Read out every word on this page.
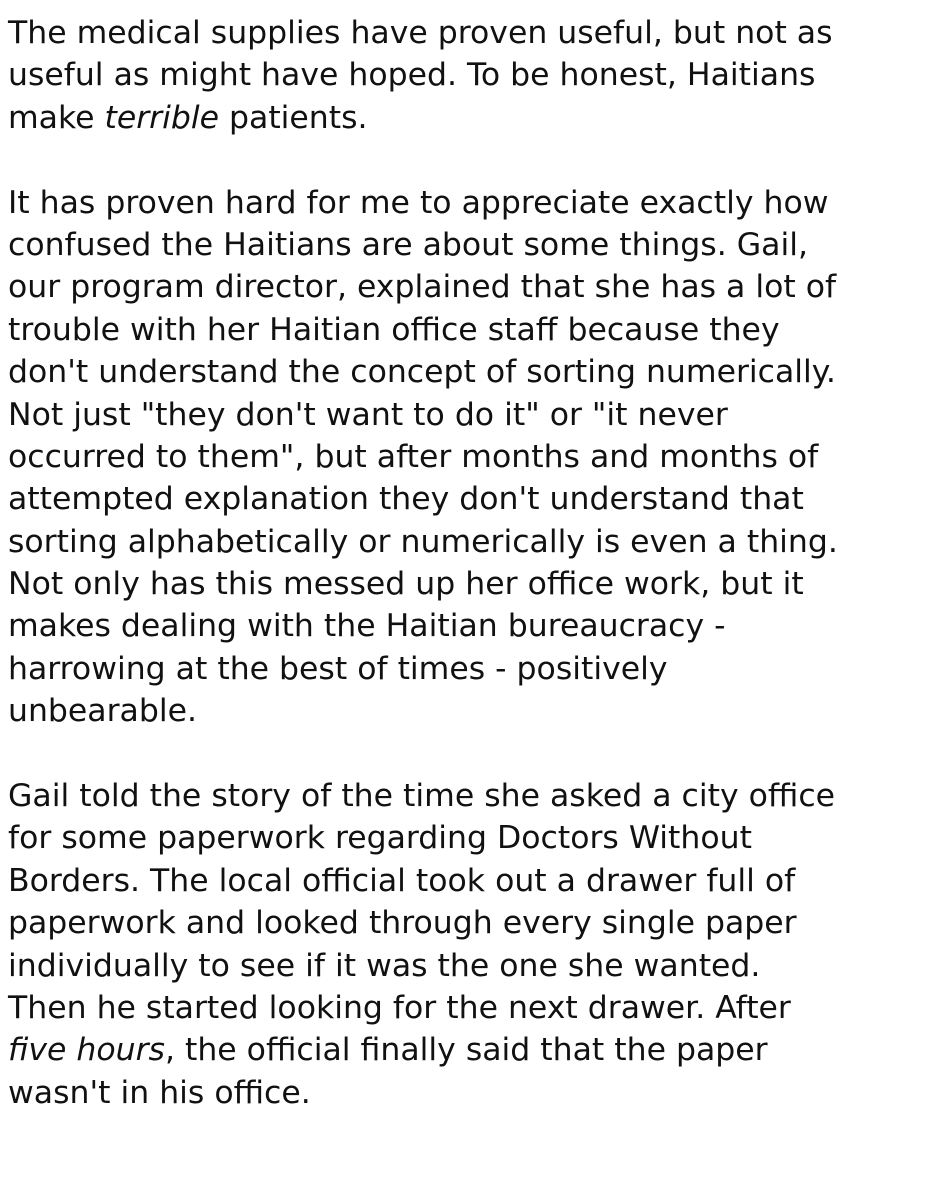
The medical supplies have proven useful, but not as
useful as might have hoped. To be honest, Haitians
make terrible patients.
It has proven hard for me to appreciate exactly how
confused the Haitians are about some things. Gail,
our program director, explained that she has a lot of
trouble with her Haitian office staff because they
don't understand the concept of sorting numerically.
Not just "they don't want to do it" or "it never
occurred to them", but after months and months of
attempted explanation they don't understand that
sorting alphabetically or numerically is even a thing.
Not only has this messed up her office work, but it
makes dealing with the Haitian bureaucracy -
harrowing at the best of times - positively
unbearable.
Gail told the story of the time she asked a city office
for some paperwork regarding Doctors Without
Borders. The local official took out a drawer full of
paperwork and looked through every single paper
individually to see if it was the one she wanted.
Then he started looking for the next drawer. After
five hours, the official finally said that the paper
wasn't in his office.
